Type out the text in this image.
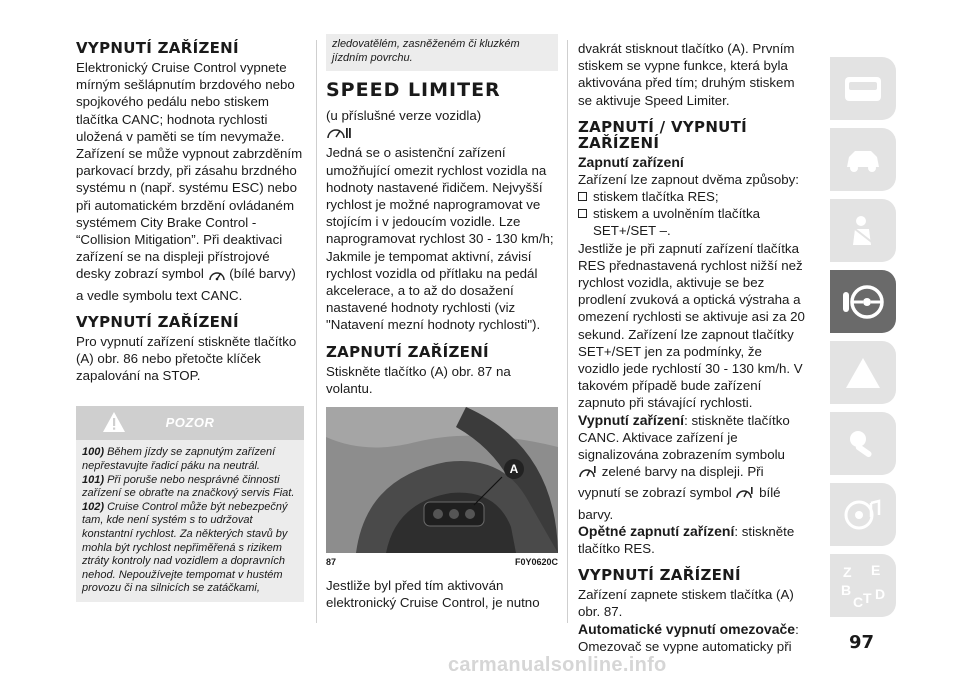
VYPNUTÍ ZAŘÍZENÍ

Elektronický Cruise Control vypnete mírným sešlápnutím brzdového nebo spojkového pedálu nebo stiskem tlačítka CANC; hodnota rychlosti uložená v paměti se tím nevymaže. Zařízení se může vypnout zabrzděním parkovací brzdy, při zásahu brzdného systému n (např. systému ESC) nebo při automatickém brzdění ovládaném systémem City Brake Control - “Collision Mitigation”. Při deaktivaci zařízení se na displeji přístrojové desky zobrazí symbol (bílé barvy) a vedle symbolu text CANC.

VYPNUTÍ ZAŘÍZENÍ

Pro vypnutí zařízení stiskněte tlačítko (A) obr. 86 nebo přetočte klíček zapalování na STOP.

POZOR

100) Během jízdy se zapnutým zařízení nepřestavujte řadicí páku na neutrál.

101) Při poruše nebo nesprávné činnosti zařízení se obraťte na značkový servis Fiat.

102) Cruise Control může být nebezpečný tam, kde není systém s to udržovat konstantní rychlost. Za některých stavů by mohla být rychlost nepřiměřená s rizikem ztráty kontroly nad vozidlem a dopravních nehod. Nepoužívejte tempomat v hustém provozu či na silnicích se zatáčkami,

zledovatělém, zasněženém či kluzkém jízdním povrchu.

SPEED LIMITER

(u příslušné verze vozidla)

Jedná se o asistenční zařízení umožňující omezit rychlost vozidla na hodnoty nastavené řidičem. Nejvyšší rychlost je možné naprogramovat ve stojícím i v jedoucím vozidle. Lze naprogramovat rychlost 30 - 130 km/h; Jakmile je tempomat aktivní, závisí rychlost vozidla od přítlaku na pedál akcelerace, a to až do dosažení nastavené hodnoty rychlosti (viz "Natavení mezní hodnoty rychlosti").

ZAPNUTÍ ZAŘÍZENÍ

Stiskněte tlačítko (A) obr. 87 na volantu.

A
87	F0Y0620C

Jestliže byl před tím aktivován elektronický Cruise Control, je nutno

dvakrát stisknout tlačítko (A). Prvním stiskem se vypne funkce, která byla aktivována před tím; druhým stiskem se aktivuje Speed Limiter.

ZAPNUTÍ / VYPNUTÍ ZAŘÍZENÍ
Zapnutí zařízení

Zařízení lze zapnout dvěma způsoby:

stiskem tlačítka RES;
stiskem a uvolněním tlačítka SET+/SET –.

Jestliže je při zapnutí zařízení tlačítka RES přednastavená rychlost nižší než rychlost vozidla, aktivuje se bez prodlení zvuková a optická výstraha a omezení rychlosti se aktivuje asi za 20 sekund. Zařízení lze zapnout tlačítky SET+/SET jen za podmínky, že vozidlo jede rychlostí 30 - 130 km/h. V takovém případě bude zařízení zapnuto při stávající rychlosti.

Vypnutí zařízení: stiskněte tlačítko CANC. Aktivace zařízení je signalizována zobrazením symbolu  zelené barvy na displeji. Při vypnutí se zobrazí symbol bílé barvy.

Opětné zapnutí zařízení: stiskněte tlačítko RES.

VYPNUTÍ ZAŘÍZENÍ

Zařízení zapnete stiskem tlačítka (A) obr. 87.

Automatické vypnutí omezovače: Omezovač se vypne automaticky při

Z E
B
C T D
97
carmanualsonline.info
